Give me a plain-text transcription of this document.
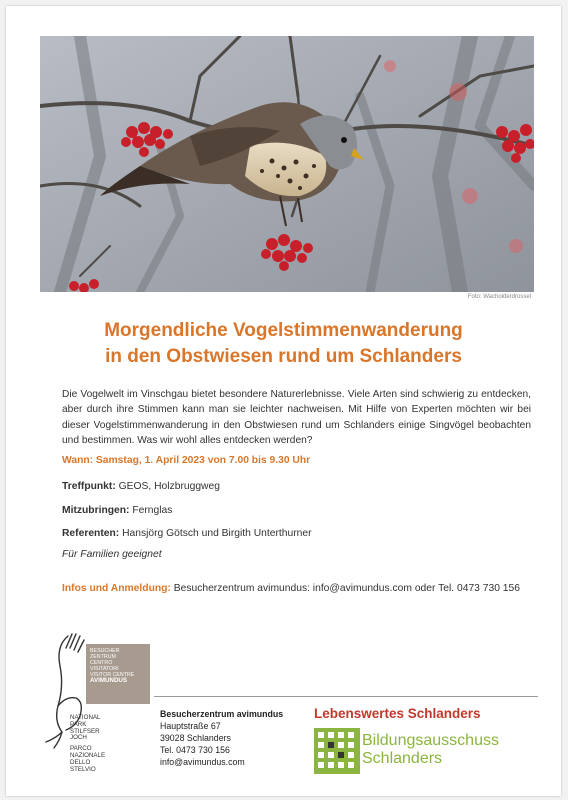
Foto: Wacholderdrossel
Morgendliche Vogelstimmenwanderung
in den Obstwiesen rund um Schlanders
Die Vogelwelt im Vinschgau bietet besondere Naturerlebnisse. Viele Arten sind schwierig zu entdecken, aber durch ihre Stimmen kann man sie leichter nachweisen. Mit Hilfe von Experten möchten wir bei dieser Vogelstimmenwanderung in den Obstwiesen rund um Schlanders einige Singvögel beobachten und bestimmen. Was wir wohl alles entdecken werden?
Wann: Samstag, 1. April 2023 von 7.00 bis 9.30 Uhr
Treffpunkt: GEOS, Holzbruggweg
Mitzubringen: Fernglas
Referenten: Hansjörg Götsch und Birgith Unterthurner
Für Familien geeignet
Infos und Anmeldung: Besucherzentrum avimundus: info@avimundus.com oder Tel. 0473 730 156
BESUCHER
ZENTRUM
CENTRO
VISITATORI
VISITOR CENTRE
AVIMUNDUS
NATIONAL
PARK
STILFSER
JOCH
PARCO
NAZIONALE
DELLO
STELVIO
Besucherzentrum avimundus
Hauptstraße 67
39028 Schlanders
Tel. 0473 730 156
info@avimundus.com
Lebenswertes Schlanders
Bildungsausschuss
Schlanders
